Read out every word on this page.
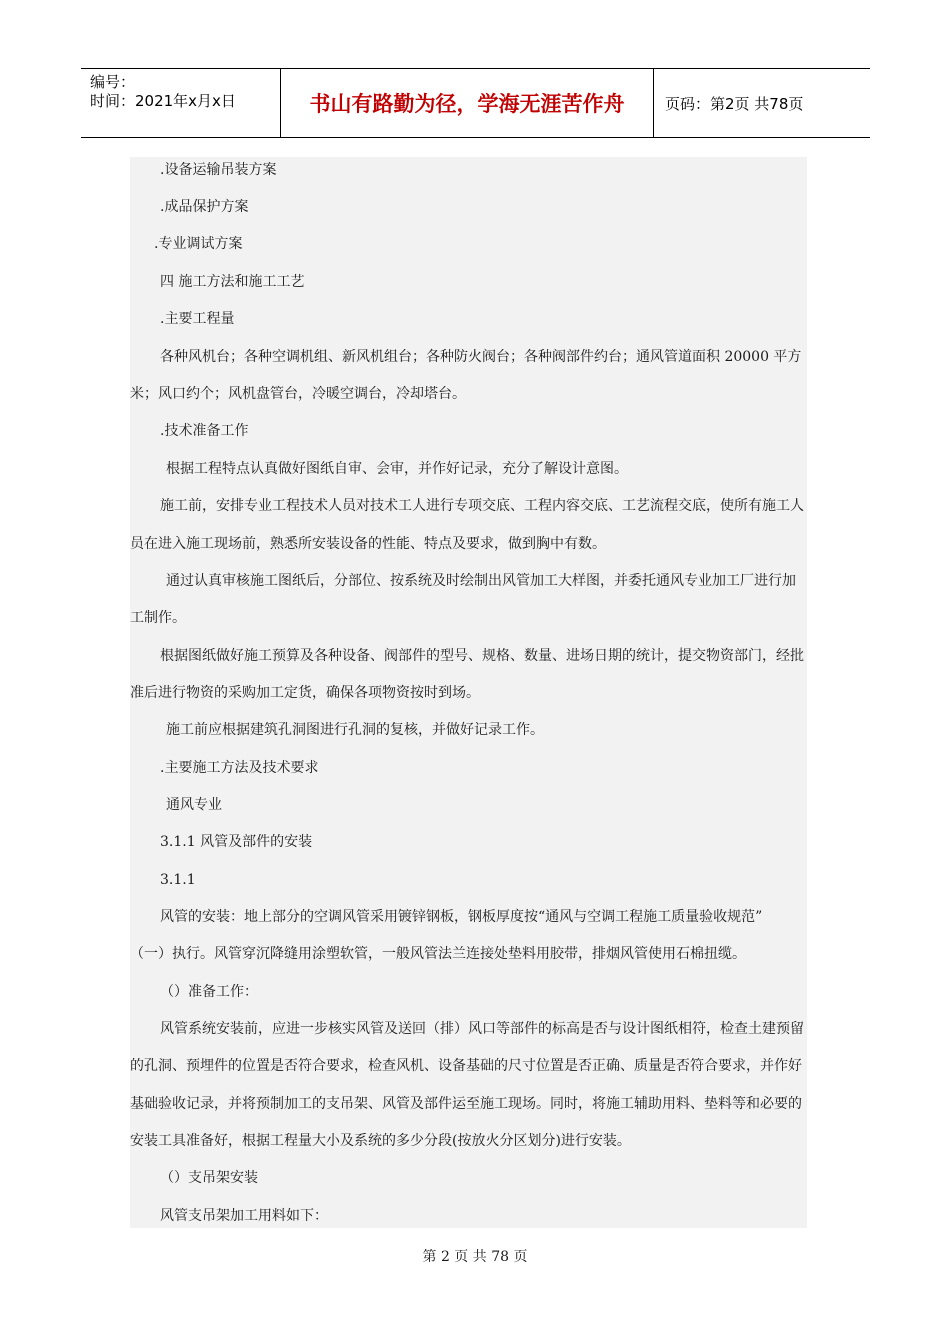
编号：
时间：2021年x月x日	书山有路勤为径，学海无涯苦作舟	页码：第2页 共78页
.设备运输吊装方案
.成品保护方案
.专业调试方案
四 施工方法和施工工艺
.主要工程量
各种风机台；各种空调机组、新风机组台；各种防火阀台；各种阀部件约台；通风管道面积 20000 平方
米；风口约个；风机盘管台，冷暖空调台，冷却塔台。
.技术准备工作
根据工程特点认真做好图纸自审、会审，并作好记录，充分了解设计意图。
施工前，安排专业工程技术人员对技术工人进行专项交底、工程内容交底、工艺流程交底，使所有施工人
员在进入施工现场前，熟悉所安装设备的性能、特点及要求，做到胸中有数。
通过认真审核施工图纸后，分部位、按系统及时绘制出风管加工大样图，并委托通风专业加工厂进行加
工制作。
根据图纸做好施工预算及各种设备、阀部件的型号、规格、数量、进场日期的统计，提交物资部门，经批
准后进行物资的采购加工定货，确保各项物资按时到场。
施工前应根据建筑孔洞图进行孔洞的复核，并做好记录工作。
.主要施工方法及技术要求
通风专业
3.1.1 风管及部件的安装
3.1.1
风管的安装：地上部分的空调风管采用镀锌钢板，钢板厚度按“通风与空调工程施工质量验收规范”
（一）执行。风管穿沉降缝用涂塑软管，一般风管法兰连接处垫料用胶带，排烟风管使用石棉扭缆。
（）准备工作：
风管系统安装前，应进一步核实风管及送回（排）风口等部件的标高是否与设计图纸相符，检查土建预留
的孔洞、预埋件的位置是否符合要求，检查风机、设备基础的尺寸位置是否正确、质量是否符合要求，并作好
基础验收记录，并将预制加工的支吊架、风管及部件运至施工现场。同时，将施工辅助用料、垫料等和必要的
安装工具准备好，根据工程量大小及系统的多少分段(按放火分区划分)进行安装。
（）支吊架安装
风管支吊架加工用料如下：
第 2 页 共 78 页
